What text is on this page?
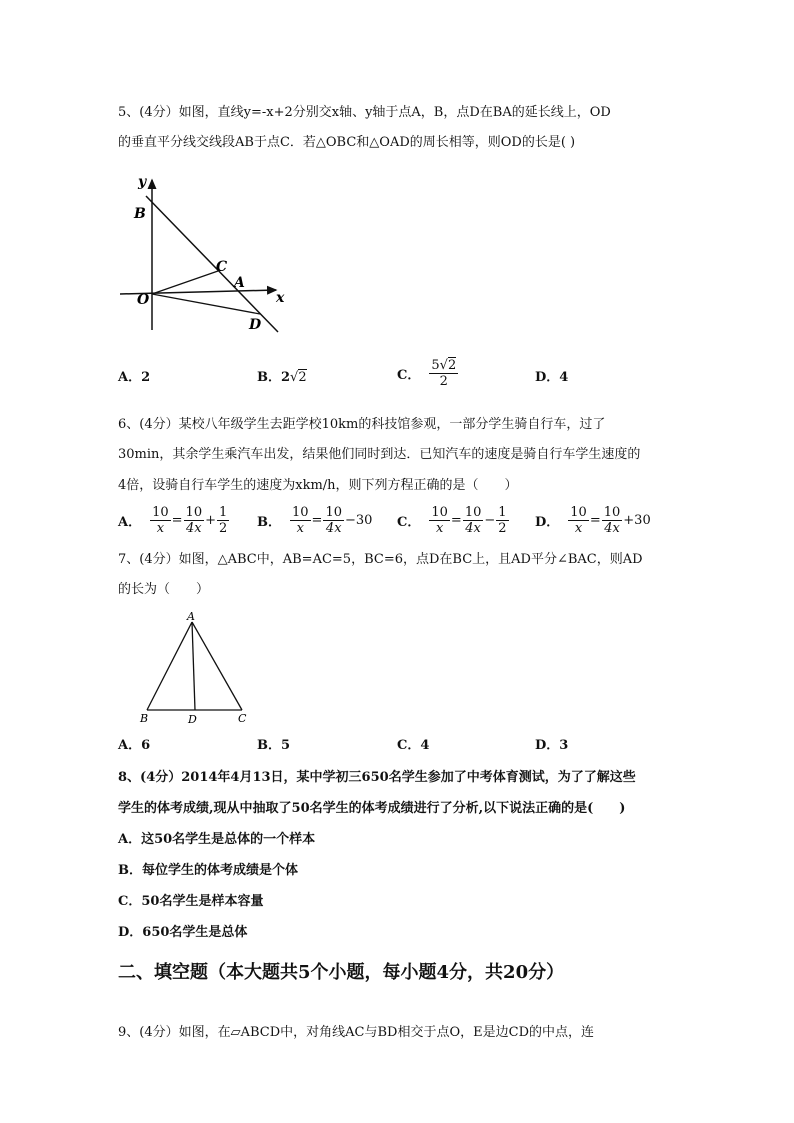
5、(4分）如图，直线y=-x+2分别交x轴、y轴于点A，B，点D在BA的延长线上，OD
的垂直平分线交线段AB于点C．若△OBC和△OAD的周长相等，则OD的长是( )
y
B
C
A
O	x
D
A．2	B．2√2	C． $\frac{5√2}{2}$	D．4
6、(4分）某校八年级学生去距学校10km的科技馆参观，一部分学生骑自行车，过了
30min，其余学生乘汽车出发，结果他们同时到达．已知汽车的速度是骑自行车学生速度的
4倍，设骑自行车学生的速度为xkm/h，则下列方程正确的是（　　）
A． $\frac{10}{x} = \frac{10}{4x} + \frac{1}{2}$ B． $\frac{10}{x} = \frac{10}{4x} -30$ C． $\frac{10}{x} = \frac{10}{4x} - \frac{1}{2}$ D． $\frac{10}{x} = \frac{10}{4x} +30$
7、(4分）如图，△ABC中，AB=AC=5，BC=6，点D在BC上，且AD平分∠BAC，则AD
的长为（　　）
A
B	D	C
A．6	B．5	C．4	D．3
8、(4分）2014年4月13日，某中学初三650名学生参加了中考体育测试，为了了解这些
学生的体考成绩,现从中抽取了50名学生的体考成绩进行了分析,以下说法正确的是(　　)
A．这50名学生是总体的一个样本
B．每位学生的体考成绩是个体
C．50名学生是样本容量
D．650名学生是总体
二、填空题（本大题共5个小题，每小题4分，共20分）
9、(4分）如图，在▱ABCD中，对角线AC与BD相交于点O，E是边CD的中点，连
